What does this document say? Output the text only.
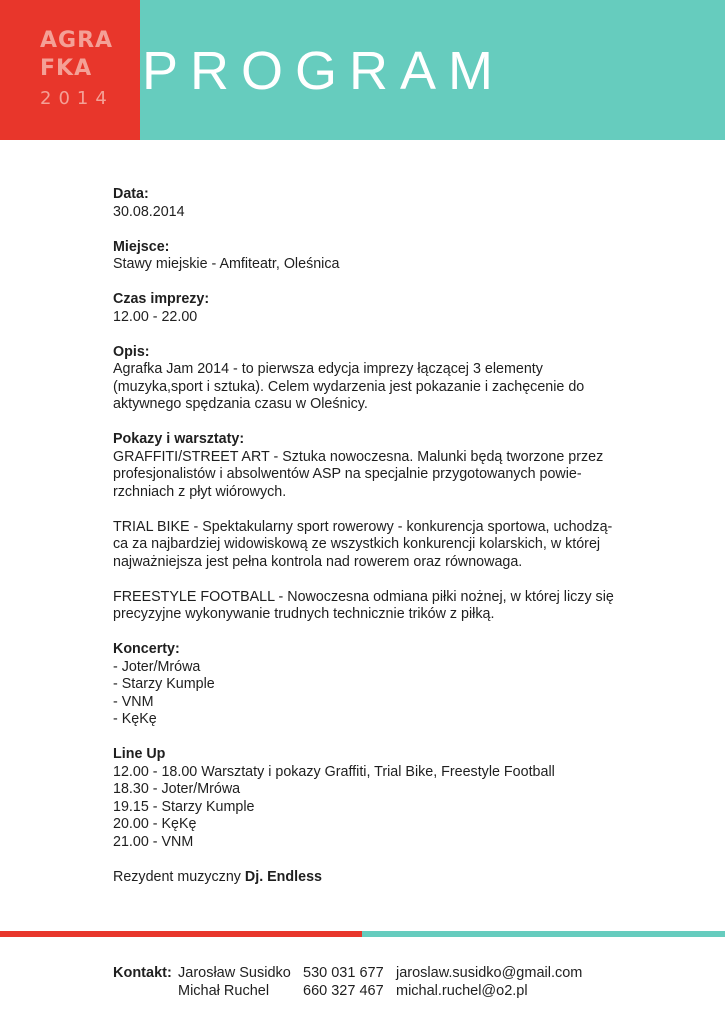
AGRA
FKA
2014 PROGRAM
Data:
30.08.2014
Miejsce:
Stawy miejskie - Amfiteatr, Oleśnica
Czas imprezy:
12.00 - 22.00
Opis:
Agrafka Jam 2014 - to pierwsza edycja imprezy łączącej 3 elementy
(muzyka,sport i sztuka). Celem wydarzenia jest pokazanie i zachęcenie do
aktywnego spędzania czasu w Oleśnicy.
Pokazy i warsztaty:
GRAFFITI/STREET ART - Sztuka nowoczesna. Malunki będą tworzone przez
profesjonalistów i absolwentów ASP na specjalnie przygotowanych powie-
rzchniach z płyt wiórowych.
TRIAL BIKE - Spektakularny sport rowerowy - konkurencja sportowa, uchodzą-
ca za najbardziej widowiskową ze wszystkich konkurencji kolarskich, w której
najważniejsza jest pełna kontrola nad rowerem oraz równowaga.
FREESTYLE FOOTBALL - Nowoczesna odmiana piłki nożnej, w której liczy się
precyzyjne wykonywanie trudnych technicznie trików z piłką.
Koncerty:
- Joter/Mrówa
- Starzy Kumple
- VNM
- KęKę
Line Up
12.00 - 18.00 Warsztaty i pokazy Graffiti, Trial Bike, Freestyle Football
18.30 - Joter/Mrówa
19.15 - Starzy Kumple
20.00 - KęKę
21.00 - VNM
Rezydent muzyczny Dj. Endless
Kontakt: Jarosław Susidko 530 031 677 jaroslaw.susidko@gmail.com
Michał Ruchel 660 327 467 michal.ruchel@o2.pl
